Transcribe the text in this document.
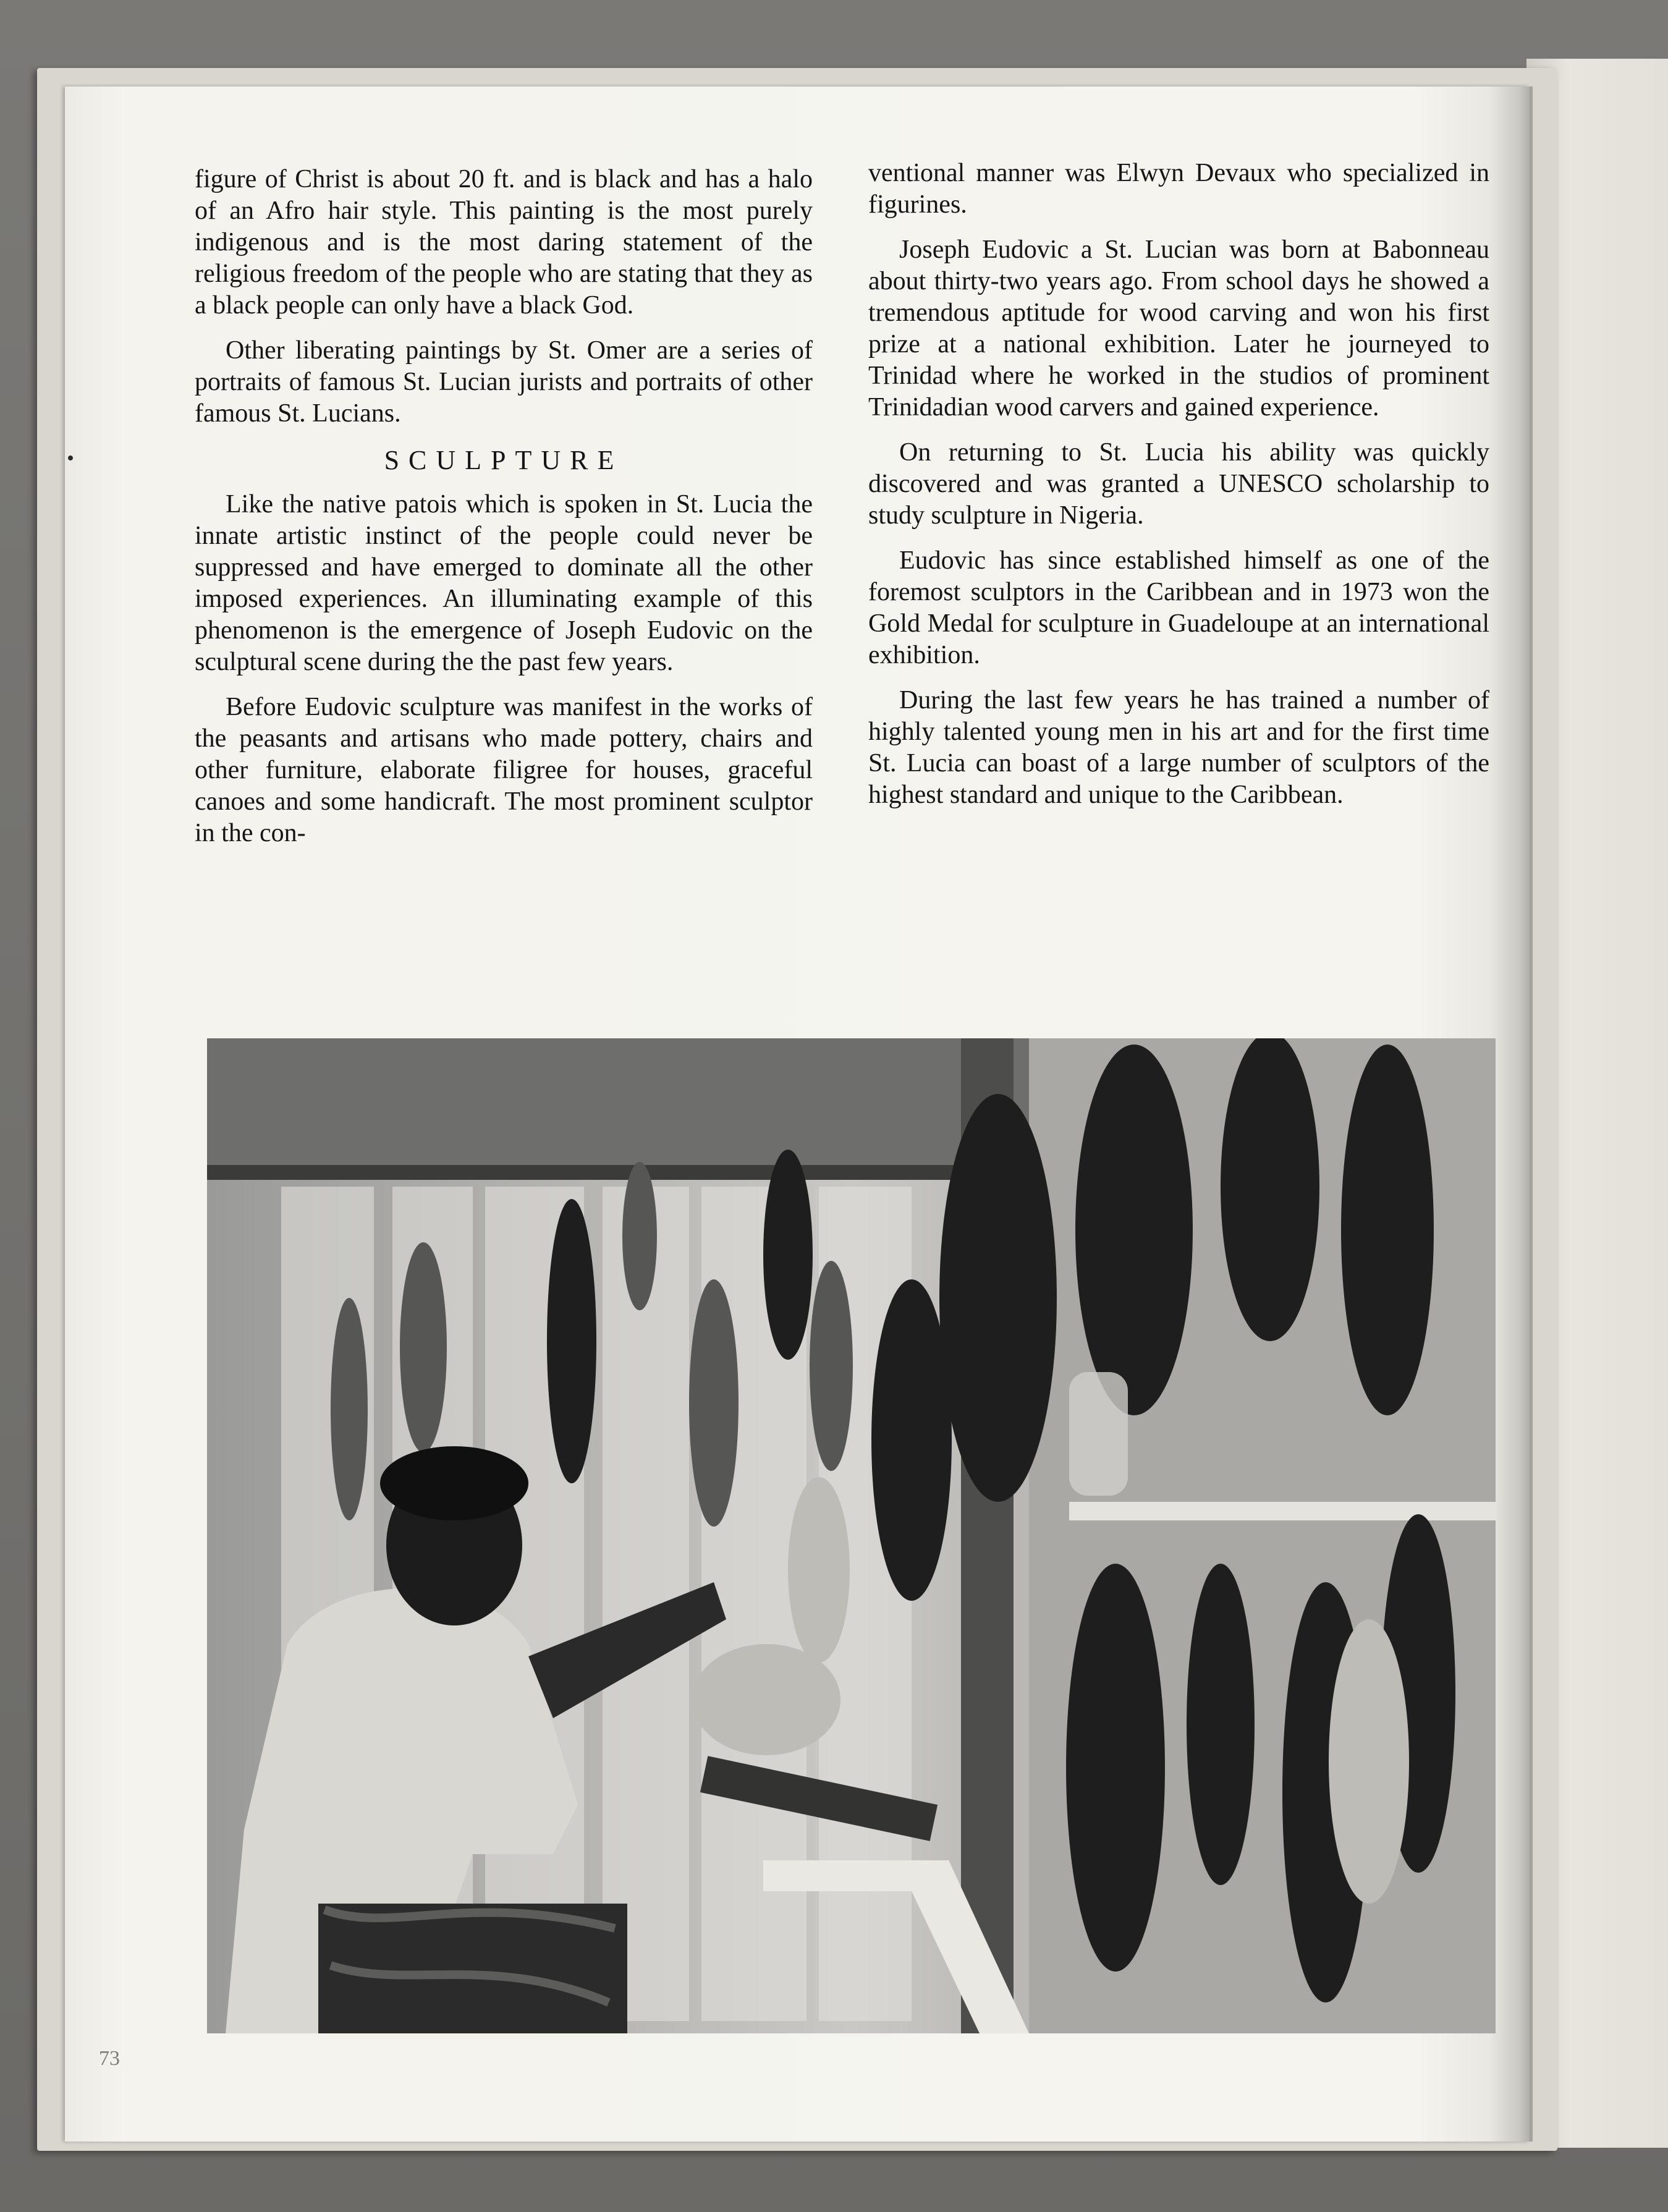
figure of Christ is about 20 ft. and is black and has a halo of an Afro hair style. This painting is the most purely indigenous and is the most daring statement of the religious freedom of the people who are stating that they as a black people can only have a black God.

Other liberating paintings by St. Omer are a series of portraits of famous St. Lucian jurists and portraits of other famous St. Lucians.

SCULPTURE

Like the native patois which is spoken in St. Lucia the innate artistic instinct of the people could never be suppressed and have emerged to dominate all the other imposed experiences. An illuminating example of this phenomenon is the emergence of Joseph Eudovic on the sculptural scene during the the past few years.

Before Eudovic sculpture was manifest in the works of the peasants and artisans who made pottery, chairs and other furniture, elaborate filigree for houses, graceful canoes and some handicraft. The most prominent sculptor in the con-

ventional manner was Elwyn Devaux who specialized in figurines.

Joseph Eudovic a St. Lucian was born at Babonneau about thirty-two years ago. From school days he showed a tremendous aptitude for wood carving and won his first prize at a national exhibition. Later he journeyed to Trinidad where he worked in the studios of prominent Trinidadian wood carvers and gained experience.

On returning to St. Lucia his ability was quickly discovered and was granted a UNESCO scholarship to study sculpture in Nigeria.

Eudovic has since established himself as one of the foremost sculptors in the Caribbean and in 1973 won the Gold Medal for sculpture in Guadeloupe at an international exhibition.

During the last few years he has trained a number of highly talented young men in his art and for the first time St. Lucia can boast of a large number of sculptors of the highest standard and unique to the Caribbean.

73
